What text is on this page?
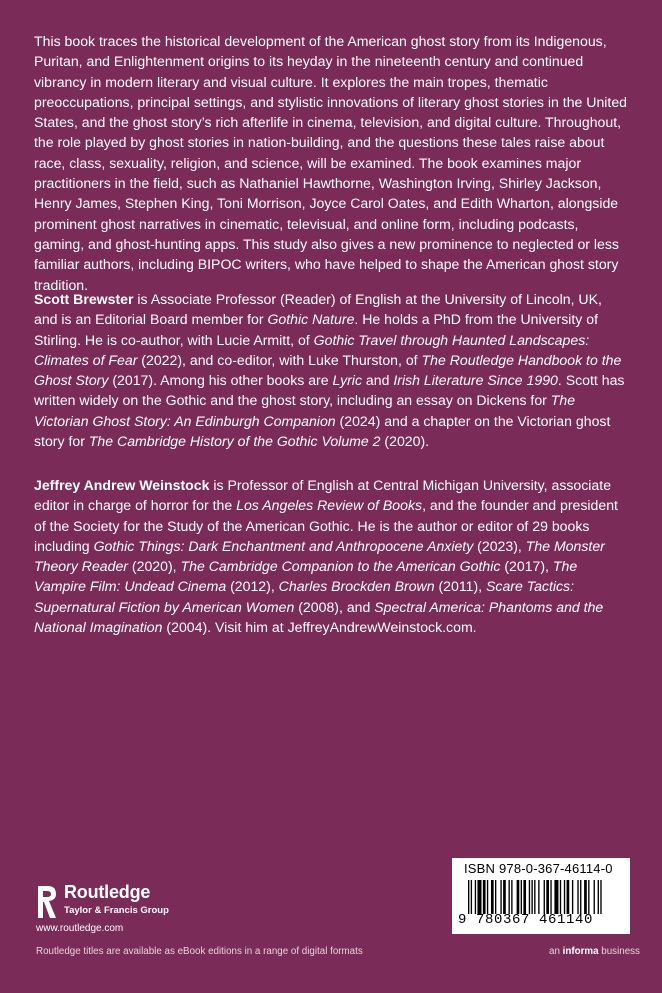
This book traces the historical development of the American ghost story from its Indigenous, Puritan, and Enlightenment origins to its heyday in the nineteenth century and continued vibrancy in modern literary and visual culture. It explores the main tropes, thematic preoccupations, principal settings, and stylistic innovations of literary ghost stories in the United States, and the ghost story’s rich afterlife in cinema, television, and digital culture. Throughout, the role played by ghost stories in nation-building, and the questions these tales raise about race, class, sexuality, religion, and science, will be examined. The book examines major practitioners in the field, such as Nathaniel Hawthorne, Washington Irving, Shirley Jackson, Henry James, Stephen King, Toni Morrison, Joyce Carol Oates, and Edith Wharton, alongside prominent ghost narratives in cinematic, televisual, and online form, including podcasts, gaming, and ghost-hunting apps. This study also gives a new prominence to neglected or less familiar authors, including BIPOC writers, who have helped to shape the American ghost story tradition.

Scott Brewster is Associate Professor (Reader) of English at the University of Lincoln, UK, and is an Editorial Board member for Gothic Nature. He holds a PhD from the University of Stirling. He is co-author, with Lucie Armitt, of Gothic Travel through Haunted Landscapes: Climates of Fear (2022), and co-editor, with Luke Thurston, of The Routledge Handbook to the Ghost Story (2017). Among his other books are Lyric and Irish Literature Since 1990. Scott has written widely on the Gothic and the ghost story, including an essay on Dickens for The Victorian Ghost Story: An Edinburgh Companion (2024) and a chapter on the Victorian ghost story for The Cambridge History of the Gothic Volume 2 (2020).

Jeffrey Andrew Weinstock is Professor of English at Central Michigan University, associate editor in charge of horror for the Los Angeles Review of Books, and the founder and president of the Society for the Study of the American Gothic. He is the author or editor of 29 books including Gothic Things: Dark Enchantment and Anthropocene Anxiety (2023), The Monster Theory Reader (2020), The Cambridge Companion to the American Gothic (2017), The Vampire Film: Undead Cinema (2012), Charles Brockden Brown (2011), Scare Tactics: Supernatural Fiction by American Women (2008), and Spectral America: Phantoms and the National Imagination (2004). Visit him at JeffreyAndrewWeinstock.com.

Routledge
Taylor & Francis Group
www.routledge.com
Routledge titles are available as eBook editions in a range of digital formats	an informa business
ISBN 978-0-367-46114-0
9 780367 461140
